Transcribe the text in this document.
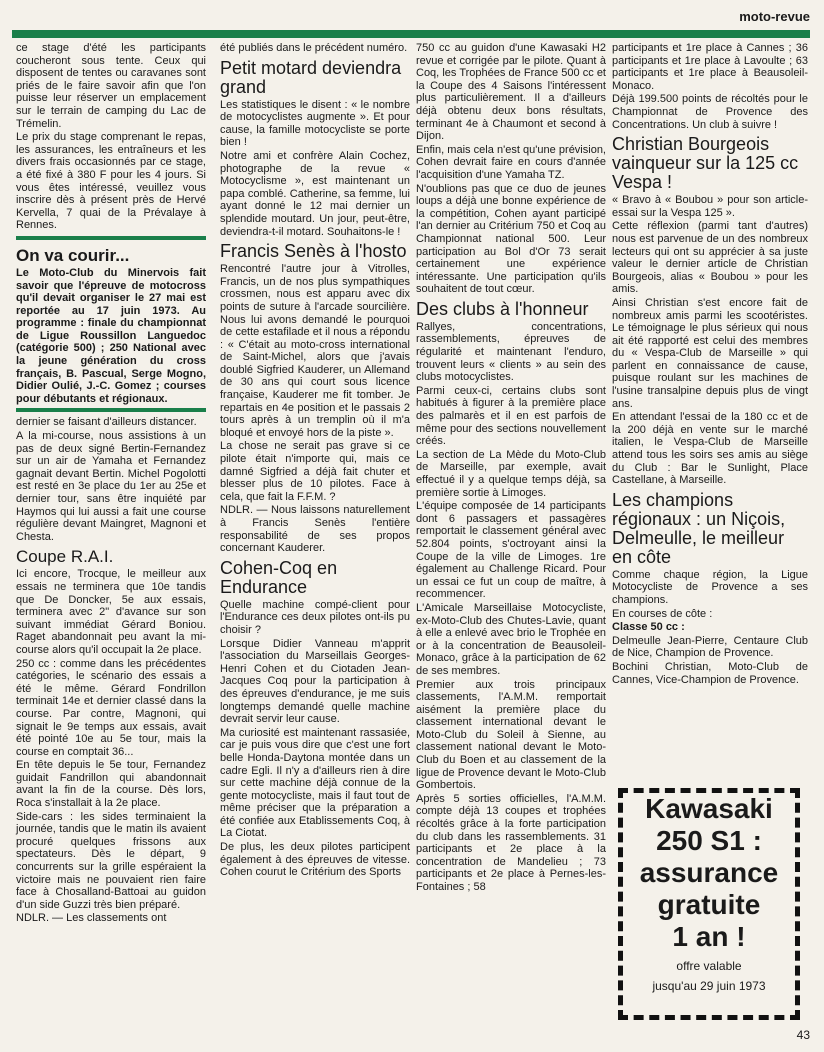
moto-revue

ce stage d'été les participants coucheront sous tente. Ceux qui disposent de tentes ou caravanes sont priés de le faire savoir afin que l'on puisse leur réserver un emplacement sur le terrain de camping du Lac de Trémelin.

Le prix du stage comprenant le repas, les assurances, les entraîneurs et les divers frais occasionnés par ce stage, a été fixé à 380 F pour les 4 jours. Si vous êtes intéressé, veuillez vous inscrire dès à présent près de Hervé Kervella, 7 quai de la Prévalaye à Rennes.

On va courir...

Le Moto-Club du Minervois fait savoir que l'épreuve de motocross qu'il devait organiser le 27 mai est reportée au 17 juin 1973. Au programme : finale du championnat de Ligue Roussillon Languedoc (catégorie 500) ; 250 National avec la jeune génération du cross français, B. Pascual, Serge Mogno, Didier Oulié, J.-C. Gomez ; courses pour débutants et régionaux.

dernier se faisant d'ailleurs distancer.

A la mi-course, nous assistions à un pas de deux signé Bertin-Fernandez sur un air de Yamaha et Fernandez gagnait devant Bertin. Michel Pogolotti est resté en 3e place du 1er au 25e et dernier tour, sans être inquiété par Haymos qui lui aussi a fait une course régulière devant Maingret, Magnoni et Chesta.

Coupe R.A.I.

Ici encore, Trocque, le meilleur aux essais ne terminera que 10e tandis que De Doncker, 5e aux essais, terminera avec 2" d'avance sur son suivant immédiat Gérard Boniou. Raget abandonnait peu avant la mi-course alors qu'il occupait la 2e place.

250 cc : comme dans les précédentes catégories, le scénario des essais a été le même. Gérard Fondrillon terminait 14e et dernier classé dans la course. Par contre, Magnoni, qui signait le 9e temps aux essais, avait été pointé 10e au 5e tour, mais la course en comptait 36...

En tête depuis le 5e tour, Fernandez guidait Fandrillon qui abandonnait avant la fin de la course. Dès lors, Roca s'installait à la 2e place.

Side-cars : les sides terminaient la journée, tandis que le matin ils avaient procuré quelques frissons aux spectateurs. Dès le départ, 9 concurrents sur la grille espéraient la victoire mais ne pouvaient rien faire face à Chosalland-Battoai au guidon d'un side Guzzi très bien préparé.

NDLR. — Les classements ont

été publiés dans le précédent numéro.

Petit motard deviendra grand

Les statistiques le disent : « le nombre de motocyclistes augmente ». Et pour cause, la famille motocycliste se porte bien !

Notre ami et confrère Alain Cochez, photographe de la revue « Motocyclisme », est maintenant un papa comblé. Catherine, sa femme, lui ayant donné le 12 mai dernier un splendide moutard. Un jour, peut-être, deviendra-t-il motard. Souhaitons-le !

Francis Senès à l'hosto

Rencontré l'autre jour à Vitrolles, Francis, un de nos plus sympathiques crossmen, nous est apparu avec dix points de suture à l'arcade sourcilière. Nous lui avons demandé le pourquoi de cette estafilade et il nous a répondu : « C'était au moto-cross international de Saint-Michel, alors que j'avais doublé Sigfried Kauderer, un Allemand de 30 ans qui court sous licence française, Kauderer me fit tomber. Je repartais en 4e position et le passais 2 tours après à un tremplin où il m'a bloqué et envoyé hors de la piste ».

La chose ne serait pas grave si ce pilote était n'importe qui, mais ce damné Sigfried a déjà fait chuter et blesser plus de 10 pilotes. Face à cela, que fait la F.F.M. ?

NDLR. — Nous laissons naturellement à Francis Senès l'entière responsabilité de ses propos concernant Kauderer.

Cohen-Coq en Endurance

Quelle machine compé-client pour l'Endurance ces deux pilotes ont-ils pu choisir ?

Lorsque Didier Vanneau m'apprit l'association du Marseillais Georges-Henri Cohen et du Ciotaden Jean-Jacques Coq pour la participation à des épreuves d'endurance, je me suis longtemps demandé quelle machine devrait servir leur cause.

Ma curiosité est maintenant rassasiée, car je puis vous dire que c'est une fort belle Honda-Daytona montée dans un cadre Egli. Il n'y a d'ailleurs rien à dire sur cette machine déjà connue de la gente motocycliste, mais il faut tout de même préciser que la préparation a été confiée aux Etablissements Coq, à La Ciotat.

De plus, les deux pilotes participent également à des épreuves de vitesse. Cohen courut le Critérium des Sports

750 cc au guidon d'une Kawasaki H2 revue et corrigée par le pilote. Quant à Coq, les Trophées de France 500 cc et la Coupe des 4 Saisons l'intéressent plus particulièrement. Il a d'ailleurs déjà obtenu deux bons résultats, terminant 4e à Chaumont et second à Dijon.

Enfin, mais cela n'est qu'une prévision, Cohen devrait faire en cours d'année l'acquisition d'une Yamaha TZ.

N'oublions pas que ce duo de jeunes loups a déjà une bonne expérience de la compétition, Cohen ayant participé l'an dernier au Critérium 750 et Coq au Championnat national 500. Leur participation au Bol d'Or 73 serait certainement une expérience intéressante. Une participation qu'ils souhaitent de tout cœur.

Des clubs à l'honneur

Rallyes, concentrations, rassemblements, épreuves de régularité et maintenant l'enduro, trouvent leurs « clients » au sein des clubs motocyclistes.

Parmi ceux-ci, certains clubs sont habitués à figurer à la première place des palmarès et il en est parfois de même pour des sections nouvellement créés.

La section de La Mède du Moto-Club de Marseille, par exemple, avait effectué il y a quelque temps déjà, sa première sortie à Limoges.

L'équipe composée de 14 participants dont 6 passagers et passagères remportait le classement général avec 52.804 points, s'octroyant ainsi la Coupe de la ville de Limoges. 1re également au Challenge Ricard. Pour un essai ce fut un coup de maître, à recommencer.

L'Amicale Marseillaise Motocycliste, ex-Moto-Club des Chutes-Lavie, quant à elle a enlevé avec brio le Trophée en or à la concentration de Beausoleil-Monaco, grâce à la participation de 62 de ses membres.

Premier aux trois principaux classements, l'A.M.M. remportait aisément la première place du classement international devant le Moto-Club du Soleil à Sienne, au classement national devant le Moto-Club du Boen et au classement de la ligue de Provence devant le Moto-Club Gombertois.

Après 5 sorties officielles, l'A.M.M. compte déjà 13 coupes et trophées récoltés grâce à la forte participation du club dans les rassemblements. 31 participants et 2e place à la concentration de Mandelieu ; 73 participants et 2e place à Pernes-les-Fontaines ; 58

participants et 1re place à Cannes ; 36 participants et 1re place à Lavoulte ; 63 participants et 1re place à Beausoleil-Monaco.

Déjà 199.500 points de récoltés pour le Championnat de Provence des Concentrations. Un club à suivre !

Christian Bourgeois vainqueur sur la 125 cc Vespa !

« Bravo à « Boubou » pour son article-essai sur la Vespa 125 ».

Cette réflexion (parmi tant d'autres) nous est parvenue de un des nombreux lecteurs qui ont su apprécier à sa juste valeur le dernier article de Christian Bourgeois, alias « Boubou » pour les amis.

Ainsi Christian s'est encore fait de nombreux amis parmi les scootéristes. Le témoignage le plus sérieux qui nous ait été rapporté est celui des membres du « Vespa-Club de Marseille » qui parlent en connaissance de cause, puisque roulant sur les machines de l'usine transalpine depuis plus de vingt ans.

En attendant l'essai de la 180 cc et de la 200 déjà en vente sur le marché italien, le Vespa-Club de Marseille attend tous les soirs ses amis au siège du Club : Bar le Sunlight, Place Castellane, à Marseille.

Les champions régionaux : un Niçois, Delmeulle, le meilleur en côte

Comme chaque région, la Ligue Motocycliste de Provence a ses champions.

En courses de côte :

Classe 50 cc :

Delmeulle Jean-Pierre, Centaure Club de Nice, Champion de Provence.

Bochini Christian, Moto-Club de Cannes, Vice-Champion de Provence.

Kawasaki
250 S1 :
assurance
gratuite
1 an !
offre valable
jusqu'au 29 juin 1973
43
